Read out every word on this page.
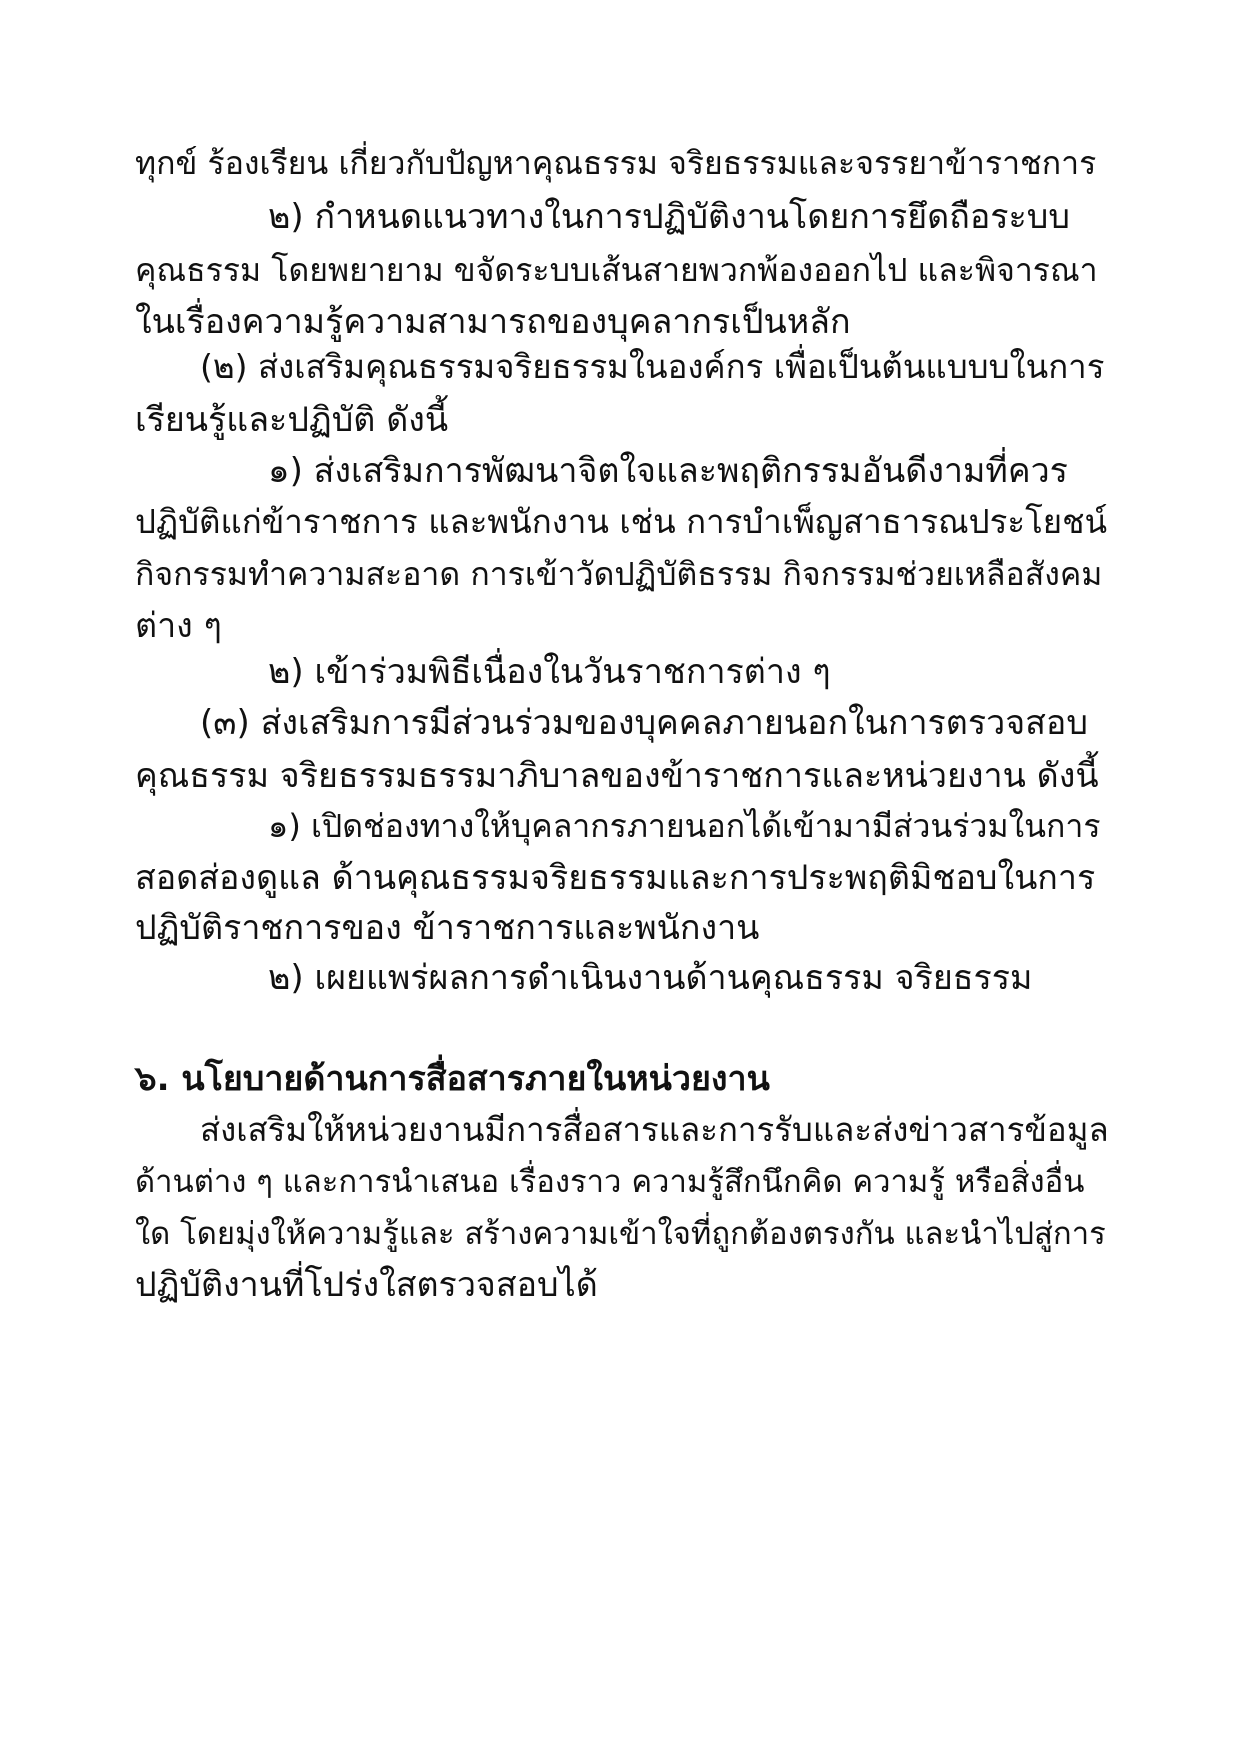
ทุกข์ ร้องเรียน เกี่ยวกับปัญหาคุณธรรม จริยธรรมและจรรยาข้าราชการ
๒) กำหนดแนวทางในการปฏิบัติงานโดยการยึดถือระบบ
คุณธรรม โดยพยายาม ขจัดระบบเส้นสายพวกพ้องออกไป และพิจารณา
ในเรื่องความรู้ความสามารถของบุคลากรเป็นหลัก
(๒) ส่งเสริมคุณธรรมจริยธรรมในองค์กร เพื่อเป็นต้นแบบบในการ
เรียนรู้และปฏิบัติ ดังนี้
๑) ส่งเสริมการพัฒนาจิตใจและพฤติกรรมอันดีงามที่ควร
ปฏิบัติแก่ข้าราชการ และพนักงาน เช่น การบำเพ็ญสาธารณประโยชน์
กิจกรรมทำความสะอาด การเข้าวัดปฏิบัติธรรม กิจกรรมช่วยเหลือสังคม
ต่าง ๆ
๒) เข้าร่วมพิธีเนื่องในวันราชการต่าง ๆ
(๓) ส่งเสริมการมีส่วนร่วมของบุคคลภายนอกในการตรวจสอบ
คุณธรรม จริยธรรมธรรมาภิบาลของข้าราชการและหน่วยงาน ดังนี้
๑) เปิดช่องทางให้บุคลากรภายนอกได้เข้ามามีส่วนร่วมในการ
สอดส่องดูแล ด้านคุณธรรมจริยธรรมและการประพฤติมิชอบในการ
ปฏิบัติราชการของ ข้าราชการและพนักงาน
๒) เผยแพร่ผลการดำเนินงานด้านคุณธรรม จริยธรรม
๖. นโยบายด้านการสื่อสารภายในหน่วยงาน
ส่งเสริมให้หน่วยงานมีการสื่อสารและการรับและส่งข่าวสารข้อมูล
ด้านต่าง ๆ และการนำเสนอ เรื่องราว ความรู้สึกนึกคิด ความรู้ หรือสิ่งอื่น
ใด โดยมุ่งให้ความรู้และ สร้างความเข้าใจที่ถูกต้องตรงกัน และนำไปสู่การ
ปฏิบัติงานที่โปร่งใสตรวจสอบได้
